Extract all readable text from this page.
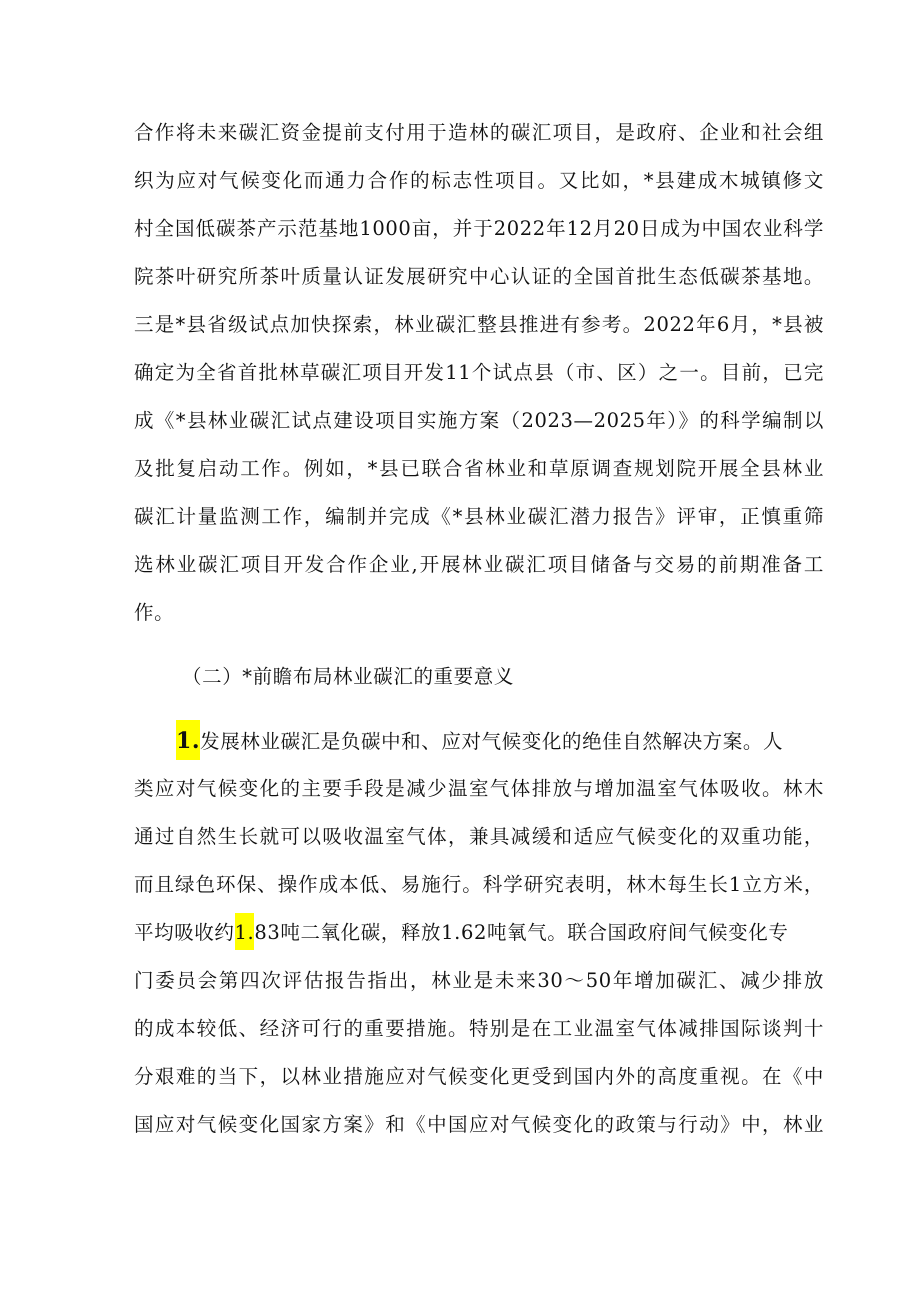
合作将未来碳汇资金提前支付用于造林的碳汇项目，是政府、企业和社会组
织为应对气候变化而通力合作的标志性项目。又比如，*县建成木城镇修文
村全国低碳茶产示范基地1000亩，并于2022年12月20日成为中国农业科学
院茶叶研究所茶叶质量认证发展研究中心认证的全国首批生态低碳茶基地。
三是*县省级试点加快探索，林业碳汇整县推进有参考。2022年6月，*县被
确定为全省首批林草碳汇项目开发11个试点县（市、区）之一。目前，已完
成《*县林业碳汇试点建设项目实施方案（2023—2025年）》的科学编制以
及批复启动工作。例如，*县已联合省林业和草原调查规划院开展全县林业
碳汇计量监测工作，编制并完成《*县林业碳汇潜力报告》评审，正慎重筛
选林业碳汇项目开发合作企业,开展林业碳汇项目储备与交易的前期准备工
作。
（二）*前瞻布局林业碳汇的重要意义
1.发展林业碳汇是负碳中和、应对气候变化的绝佳自然解决方案。人
类应对气候变化的主要手段是减少温室气体排放与增加温室气体吸收。林木
通过自然生长就可以吸收温室气体，兼具减缓和适应气候变化的双重功能，
而且绿色环保、操作成本低、易施行。科学研究表明，林木每生长1立方米，
平均吸收约1.83吨二氧化碳，释放1.62吨氧气。联合国政府间气候变化专
门委员会第四次评估报告指出，林业是未来30～50年增加碳汇、减少排放
的成本较低、经济可行的重要措施。特别是在工业温室气体减排国际谈判十
分艰难的当下，以林业措施应对气候变化更受到国内外的高度重视。在《中
国应对气候变化国家方案》和《中国应对气候变化的政策与行动》中，林业
